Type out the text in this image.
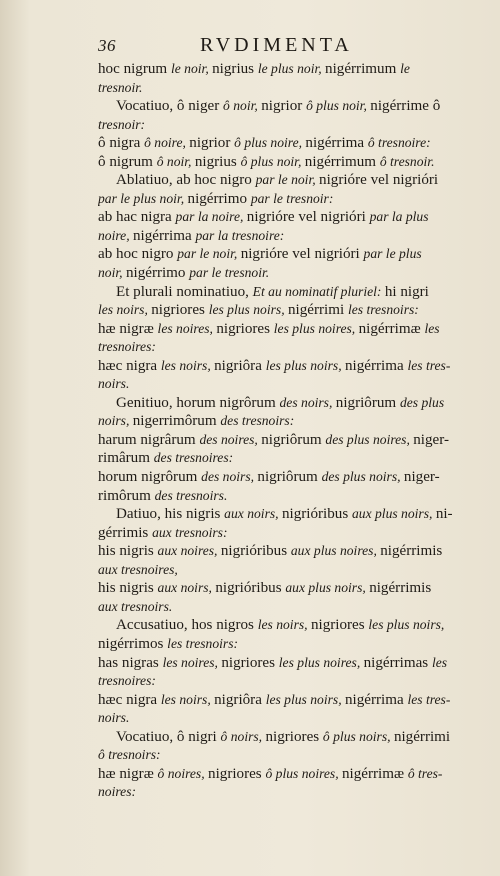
36	RVDIMENTA
hoc nigrum le noir, nigrius le plus noir, nigérrimum le
tresnoir.
Vocatiuo, ô niger ô noir, nigrior ô plus noir, nigérrime ô
tresnoir:
ô nigra ô noire, nigrior ô plus noire, nigérrima ô tresnoire:
ô nigrum ô noir, nigrius ô plus noir, nigérrimum ô tresnoir.
Ablatiuo, ab hoc nigro par le noir, nigrióre vel nigrióri
par le plus noir, nigérrimo par le tresnoir:
ab hac nigra par la noire, nigrióre vel nigrióri par la plus
noire, nigérrima par la tresnoire:
ab hoc nigro par le noir, nigrióre vel nigrióri par le plus
noir, nigérrimo par le tresnoir.
Et plurali nominatiuo, Et au nominatif pluriel: hi nigri
les noirs, nigriores les plus noirs, nigérrimi les tresnoirs:
hæ nigræ les noires, nigriores les plus noires, nigérrimæ les
tresnoires:
hæc nigra les noirs, nigriôra les plus noirs, nigérrima les tres-
noirs.
Genitiuo, horum nigrôrum des noirs, nigriôrum des plus
noirs, nigerrimôrum des tresnoirs:
harum nigrârum des noires, nigriôrum des plus noires, niger-
rimârum des tresnoires:
horum nigrôrum des noirs, nigriôrum des plus noirs, niger-
rimôrum des tresnoirs.
Datiuo, his nigris aux noirs, nigrióribus aux plus noirs, ni-
gérrimis aux tresnoirs:
his nigris aux noires, nigrióribus aux plus noires, nigérrimis
aux tresnoires,
his nigris aux noirs, nigrióribus aux plus noirs, nigérrimis
aux tresnoirs.
Accusatiuo, hos nigros les noirs, nigriores les plus noirs,
nigérrimos les tresnoirs:
has nigras les noires, nigriores les plus noires, nigérrimas les
tresnoires:
hæc nigra les noirs, nigriôra les plus noirs, nigérrima les tres-
noirs.
Vocatiuo, ô nigri ô noirs, nigriores ô plus noirs, nigérrimi
ô tresnoirs:
hæ nigræ ô noires, nigriores ô plus noires, nigérrimæ ô tres-
noires:
